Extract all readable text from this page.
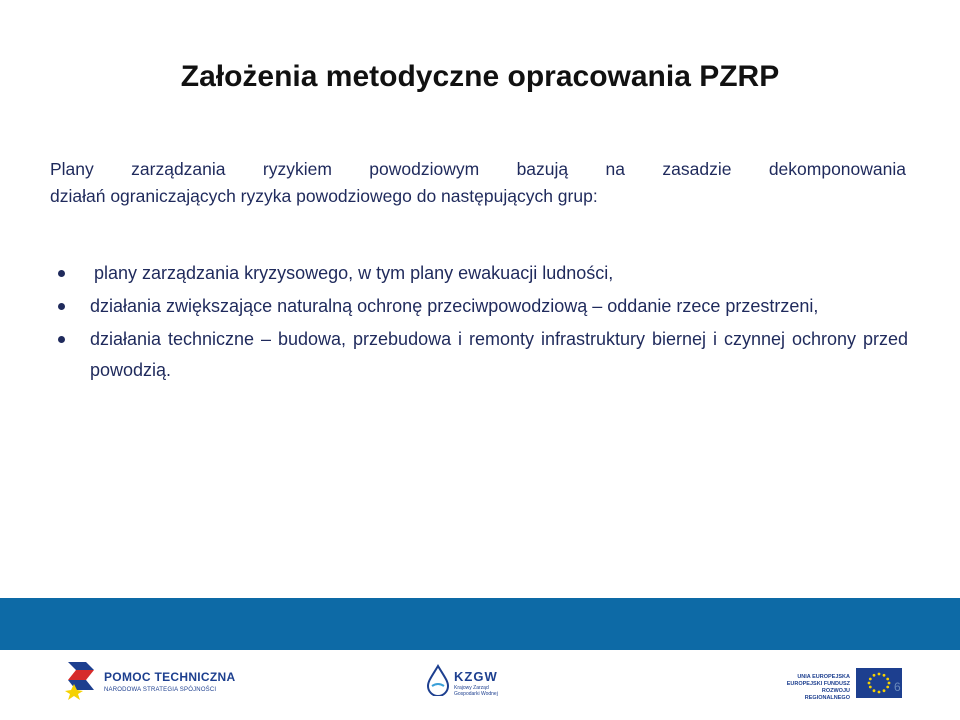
Założenia metodyczne opracowania PZRP
Plany zarządzania ryzykiem powodziowym bazują na zasadzie dekomponowania
działań ograniczających ryzyka powodziowego do następujących grup:
plany zarządzania kryzysowego, w tym plany ewakuacji ludności,
działania zwiększające naturalną ochronę przeciwpowodziową – oddanie rzece przestrzeni,
działania techniczne – budowa, przebudowa i remonty infrastruktury biernej i czynnej ochrony przed powodzią.
POMOC TECHNICZNA
NARODOWA STRATEGIA SPÓJNOŚCI
KZGW
Krajowy Zarząd Gospodarki Wodnej
UNIA EUROPEJSKA
EUROPEJSKI FUNDUSZ
ROZWOJU REGIONALNEGO
6
